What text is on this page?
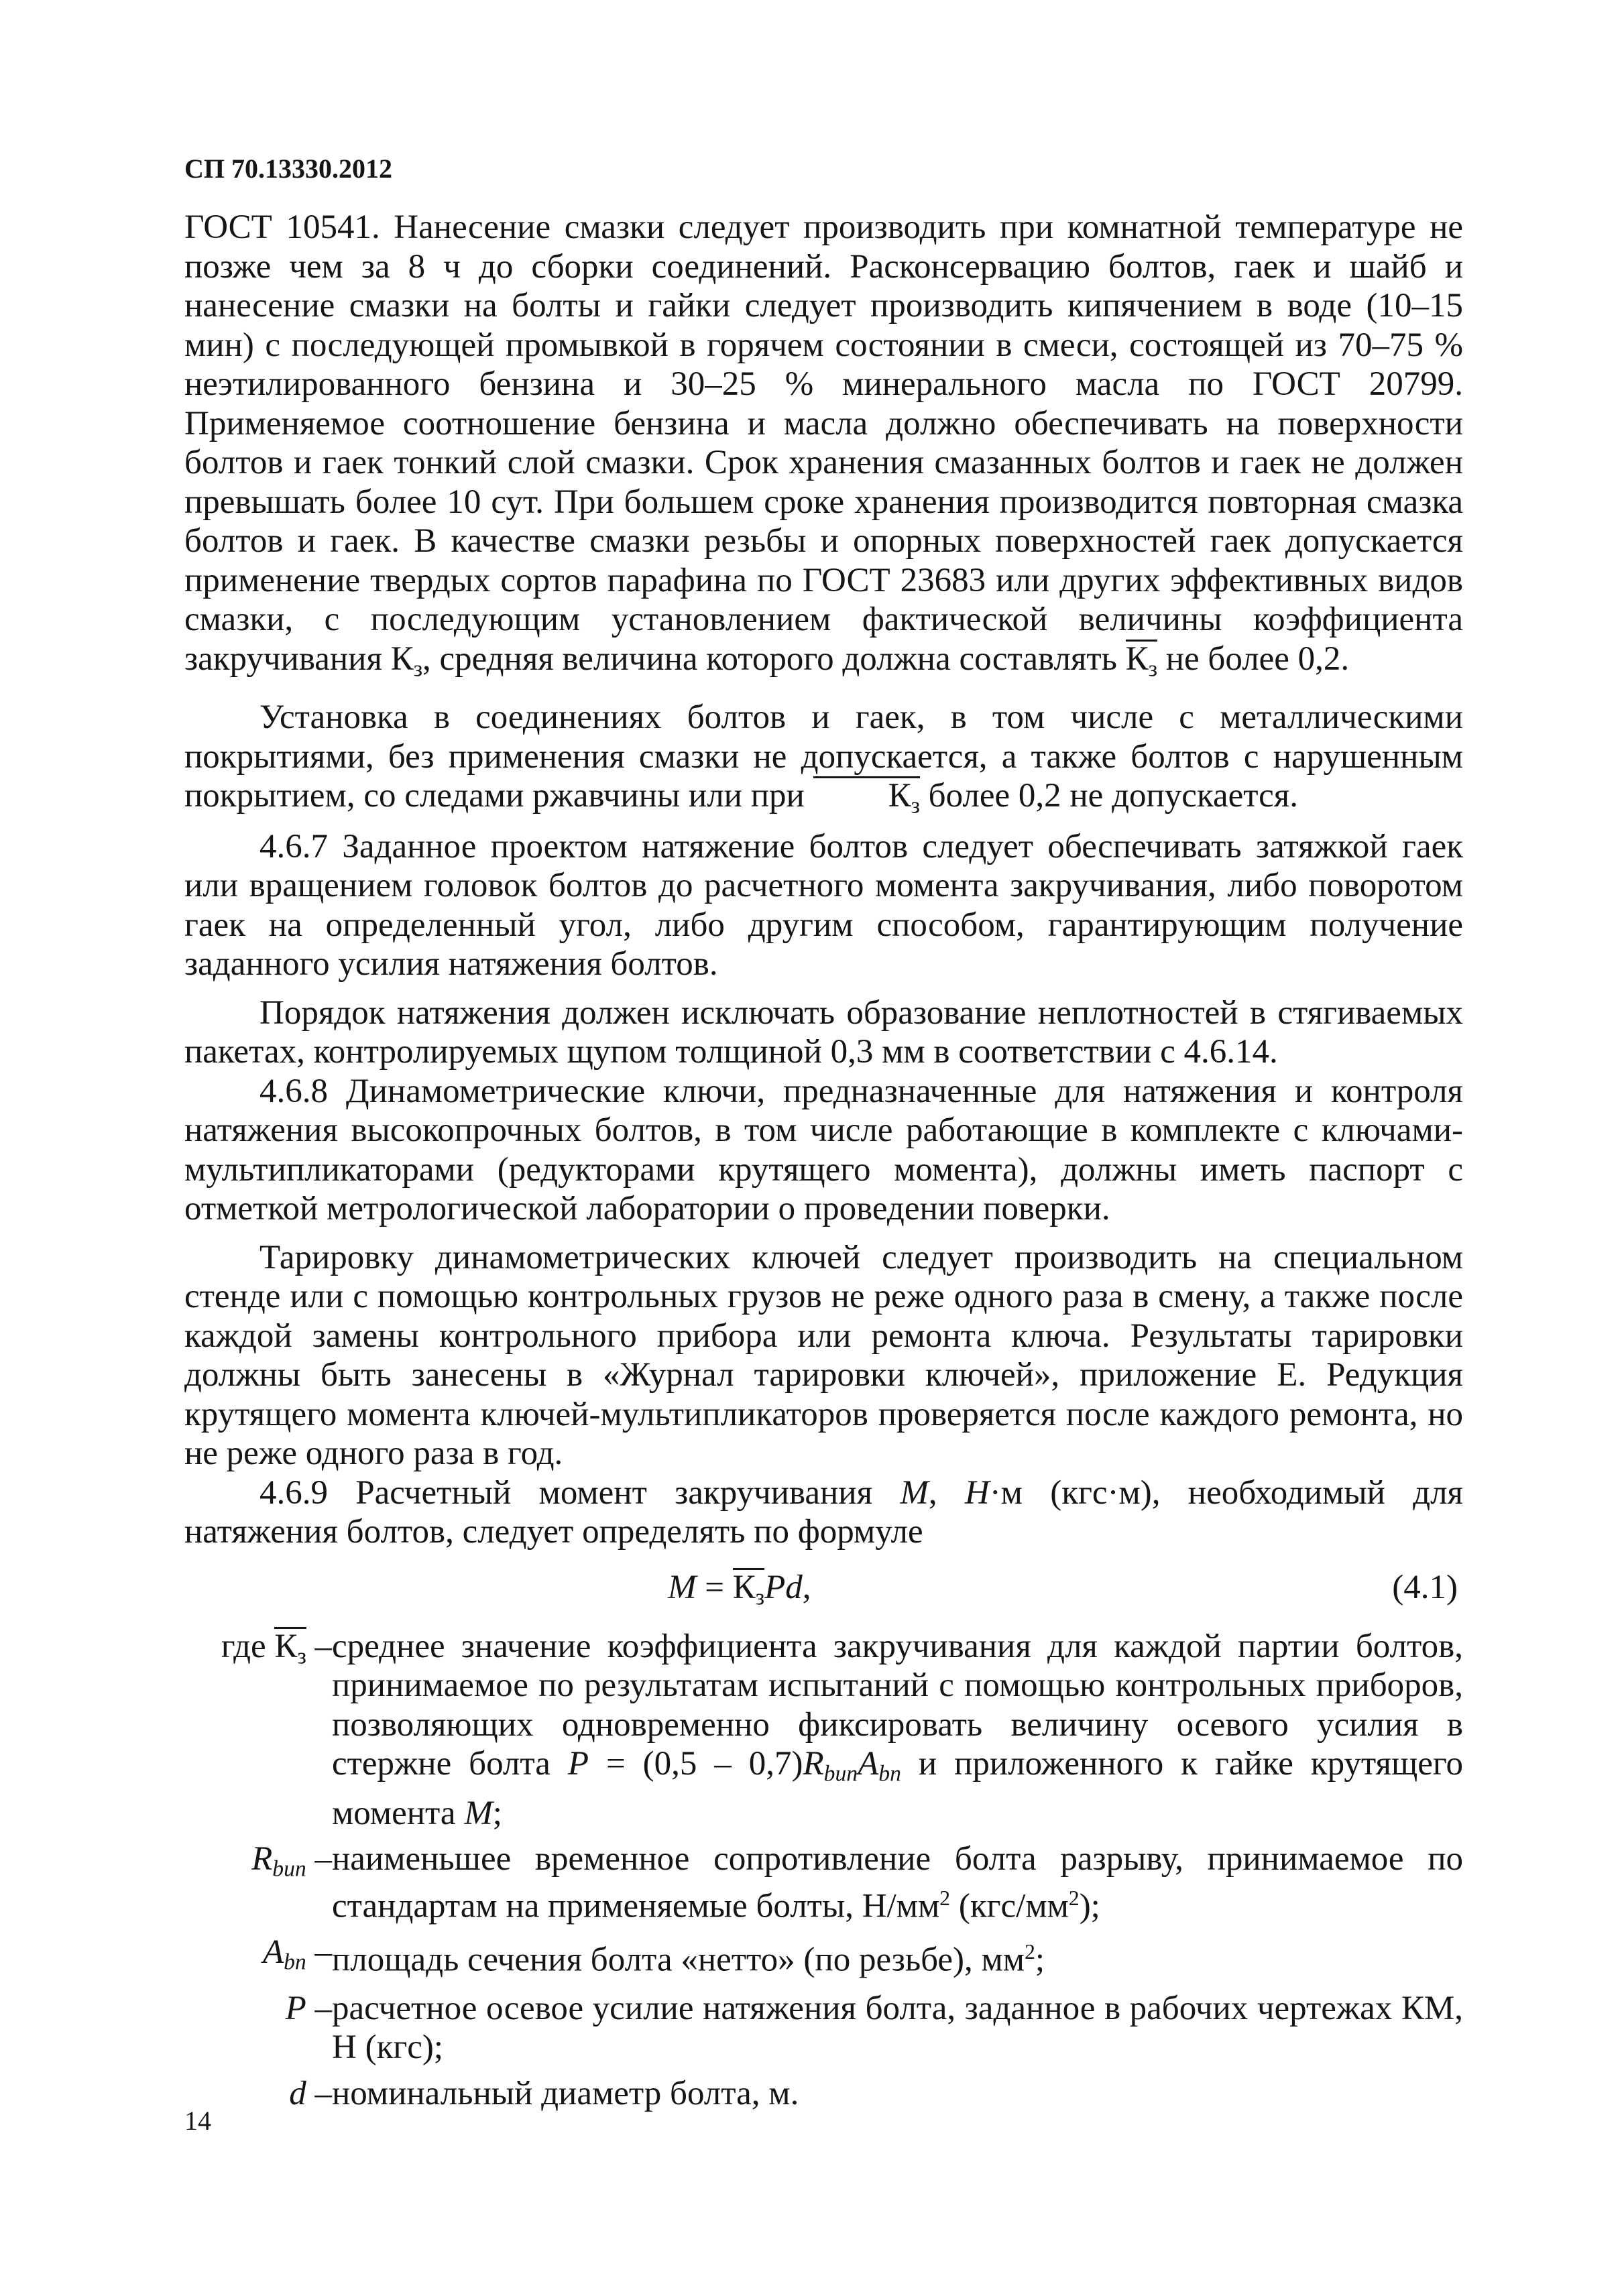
СП 70.13330.2012

ГОСТ 10541. Нанесение смазки следует производить при комнатной температуре не позже чем за 8 ч до сборки соединений. Расконсервацию болтов, гаек и шайб и нанесение смазки на болты и гайки следует производить кипячением в воде (10–15 мин) с последующей промывкой в горячем состоянии в смеси, состоящей из 70–75 % неэтилированного бензина и 30–25 % минерального масла по ГОСТ 20799. Применяемое соотношение бензина и масла должно обеспечивать на поверхности болтов и гаек тонкий слой смазки. Срок хранения смазанных болтов и гаек не должен превышать более 10 сут. При большем сроке хранения производится повторная смазка болтов и гаек. В качестве смазки резьбы и опорных поверхностей гаек допускается применение твердых сортов парафина по ГОСТ 23683 или других эффективных видов смазки, с последующим установлением фактической величины коэффициента закручивания $К_з$, средняя величина которого должна составлять $К_з$ не более 0,2.

Установка в соединениях болтов и гаек, в том числе с металлическими покрытиями, без применения смазки не допускается, а также болтов с нарушенным покрытием, со следами ржавчины или при $К_з$ более 0,2 не допускается.

4.6.7 Заданное проектом натяжение болтов следует обеспечивать затяжкой гаек или вращением головок болтов до расчетного момента закручивания, либо поворотом гаек на определенный угол, либо другим способом, гарантирующим получение заданного усилия натяжения болтов.

Порядок натяжения должен исключать образование неплотностей в стягиваемых пакетах, контролируемых щупом толщиной 0,3 мм в соответствии с 4.6.14.

4.6.8 Динамометрические ключи, предназначенные для натяжения и контроля натяжения высокопрочных болтов, в том числе работающие в комплекте с ключами-мультипликаторами (редукторами крутящего момента), должны иметь паспорт с отметкой метрологической лаборатории о проведении поверки.

Тарировку динамометрических ключей следует производить на специальном стенде или с помощью контрольных грузов не реже одного раза в смену, а также после каждой замены контрольного прибора или ремонта ключа. Результаты тарировки должны быть занесены в «Журнал тарировки ключей», приложение Е. Редукция крутящего момента ключей-мультипликаторов проверяется после каждого ремонта, но не реже одного раза в год.

4.6.9 Расчетный момент закручивания M, H·м (кгс·м), необходимый для натяжения болтов, следует определять по формуле

$M = К_зPd$,	(4.1)
где $К_з$ – среднее значение коэффициента закручивания для каждой партии болтов, принимаемое по результатам испытаний с помощью контрольных приборов, позволяющих одновременно фиксировать величину осевого усилия в стержне болта $P = (0,5 - 0,7)R_{bun}A_{bn}$ и приложенного к гайке крутящего момента M;
$R_{bun}$ – наименьшее временное сопротивление болта разрыву, принимаемое по стандартам на применяемые болты, $Н/мм^2$ $(кгс/мм^2)$;
$A_{bn}$ – площадь сечения болта «нетто» (по резьбе), $мм^2$;
P – расчетное осевое усилие натяжения болта, заданное в рабочих чертежах КМ, Н (кгс);
d – номинальный диаметр болта, м.
14
